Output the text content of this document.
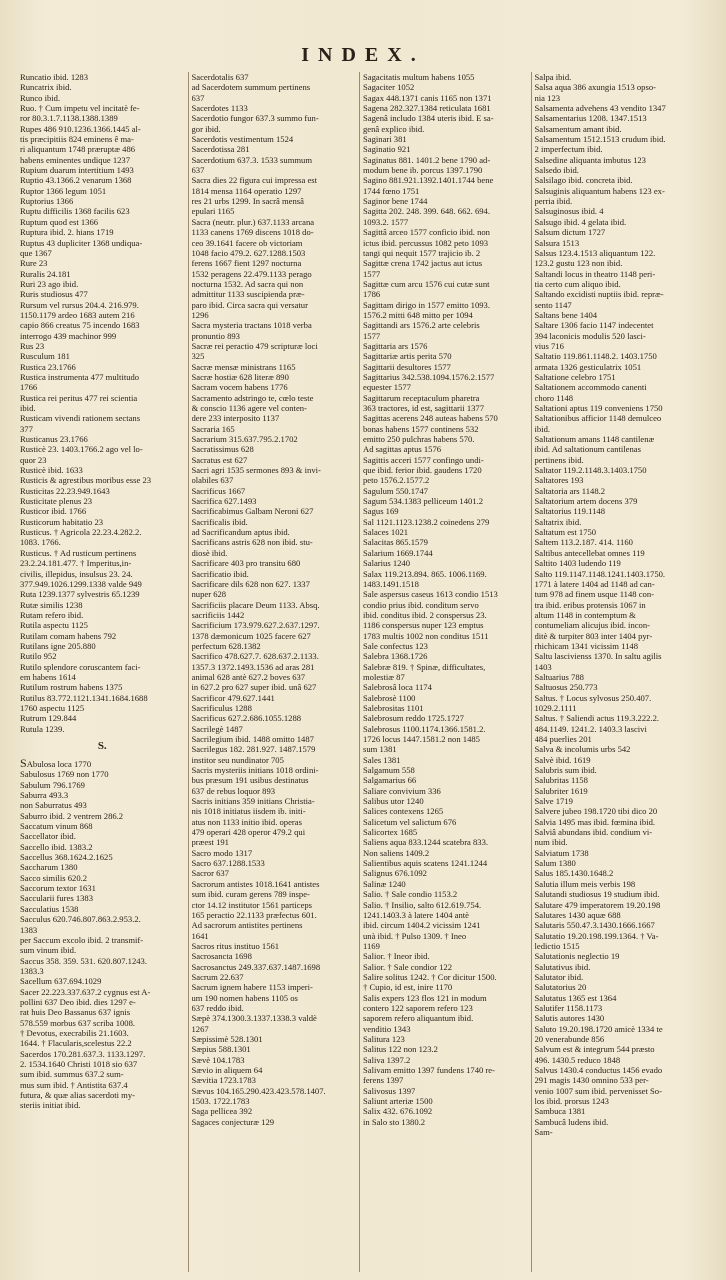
INDEX.
Runcatio ibid. 1283
Runcatrix ibid.
Runco ibid.
Ruo. † Cum impetu vel incitatè fe-
ror 80.3.1.7.1138.1388.1389
Rupes 486 910.1236.1366.1445 al-
tis præcipitiis 824 eminens ê ma-
ri aliquantum 1748 præruptæ 486
habens eminentes undique 1237
Rupium duarum intertitium 1493
Ruptio 43.1366.2 venarum 1368
Ruptor 1366 legum 1051
Ruptorius 1366
Ruptu difficilis 1368 facilis 623
Ruptum quod est 1366
Ruptura ibid. 2. hians 1719
Ruptus 43 dupliciter 1368 undiqua-
que 1367
Rure 23
Ruralis 24.181
Ruri 23 ago ibid.
Ruris studiosus 477
Rursum vel rursus 204.4. 216.979.
1150.1179 ardeo 1683 autem 216
capio 866 creatus 75 incendo 1683
interrogo 439 machinor 999
Rus 23
Rusculum 181
Rustica 23.1766
Rustica instrumenta 477 multitudo
1766
Rustica rei peritus 477 rei scientia
ibid.
Rusticam vivendi rationem sectans
377
Rusticanus 23.1766
Rusticè 23. 1403.1766.2 ago vel lo-
quor 23
Rusticè ibid. 1633
Rusticis & agrestibus moribus esse 23
Rusticitas 22.23.949.1643
Rusticitate plenus 23
Rusticor ibid. 1766
Rusticorum habitatio 23
Rusticus. † Agricola 22.23.4.282.2.
1083. 1766.
Rusticus. † Ad rusticum pertinens
23.2.24.181.477. † Imperitus,in-
civilis, illepidus, insulsus 23. 24.
377.949.1026.1299.1338 valde 949
Ruta 1239.1377 sylvestris 65.1239
Rutæ similis 1238
Rutam refero ibid.
Rutila aspectu 1125
Rutilam comam habens 792
Rutilans igne 205.880
Rutilo 952
Rutilo splendore coruscantem faci-
em habens 1614
Rutilum rostrum habens 1375
Rutilus 83.772.1121.1341.1684.1688
1760 aspectu 1125
Rutrum 129.844
Rutula 1239.
S.
SAbulosa loca 1770
Sabulosus 1769 non 1770
Sabulum 796.1769
Saburra 493.3
non Saburratus 493
Saburro ibid. 2 ventrem 286.2
Saccatum vinum 868
Saccellator ibid.
Saccello ibid. 1383.2
Saccellus 368.1624.2.1625
Saccharum 1380
Sacco similis 620.2
Saccorum textor 1631
Saccularii fures 1383
Sacculatius 1538
Sacculus 620.746.807.863.2.953.2.
1383
per Saccum excolo ibid. 2 transmif-
sum vinum ibid.
Saccus 358. 359. 531. 620.807.1243.
1383.3
Sacellum 637.694.1029
Sacer 22.223.337.637.2 cygnus est A-
pollini 637 Deo ibid. dies 1297 e-
rat huis Deo Bassanus 637 ignis
578.559 morbus 637 scriba 1008.
† Devotus, execrabilis 21.1603.
1644. † Flacularis,scelestus 22.2
Sacerdos 170.281.637.3. 1133.1297.
2. 1534.1640 Christi 1018 sio 637
sum ibid. summus 637.2 sum-
mus sum ibid. † Antistita 637.4
futura, & quæ alias sacerdoti my-
steriis initiat ibid.
Sacerdotalis 637
ad Sacerdotem summum pertinens
637
Sacerdotes 1133
Sacerdotio fungor 637.3 summo fun-
gor ibid.
Sacerdotis vestimentum 1524
Sacerdotissa 281
Sacerdotium 637.3. 1533 summum
637
Sacra dies 22 figura cui impressa est
1814 mensa 1164 operatio 1297
res 21 urbs 1299. In sacrâ mensâ
epulari 1165
Sacra (neutr. plur.) 637.1133 arcana
1133 canens 1769 discens 1018 do-
ceo 39.1641 facere ob victoriam
1048 facio 479.2. 627.1288.1503
ferens 1667 fient 1297 nocturna
1532 peragens 22.479.1133 perago
nocturna 1532. Ad sacra qui non
admittitur 1133 suscipienda præ-
paro ibid. Circa sacra qui versatur
1296
Sacra mysteria tractans 1018 verba
pronuntio 893
Sacræ rei peractio 479 scripturæ loci
325
Sacræ mensæ ministrans 1165
Sacræ hostiæ 628 literæ 890
Sacram vocem habens 1776
Sacramento adstringo te, cœlo teste
& conscio 1136 agere vel conten-
dere 233 interposito 1137
Sacraria 165
Sacrarium 315.637.795.2.1702
Sacratissimus 628
Sacratus est 627
Sacri agri 1535 sermones 893 & invi-
olabiles 637
Sacrificus 1667
Sacrifica 627.1493
Sacrificabimus Galbam Neroni 627
Sacrificalis ibid.
ad Sacrificandum aptus ibid.
Sacrificans astris 628 non ibid. stu-
diosè ibid.
Sacrificare 403 pro transitu 680
Sacrificatio ibid.
Sacrificare dils 628 non 627. 1337
nuper 628
Sacrificiis placare Deum 1133. Absq.
sacrificiis 1442
Sacrificium 173.979.627.2.637.1297.
1378 dæmonicum 1025 facere 627
perfectum 628.1382
Sacrifico 478.627.7. 628.637.2.1133.
1357.3 1372.1493.1536 ad aras 281
animal 628 antè 627.2 boves 637
in 627.2 pro 627 super ibid. unâ 627
Sacrificor 479.627.1441
Sacrificulus 1288
Sacrificus 627.2.686.1055.1288
Sacrilegè 1487
Sacrilegium ibid. 1488 omitto 1487
Sacrilegus 182. 281.927. 1487.1579
institor seu nundinator 705
Sacris mysteriis initians 1018 ordini-
bus præsum 191 usibus destinatus
637 de rebus loquor 893
Sacris initians 359 initians Christia-
nis 1018 initiatus iisdem ib. initi-
atus non 1133 initio ibid. operas
479 operari 428 operor 479.2 qui
præest 191
Sacro modo 1317
Sacro 637.1288.1533
Sacror 637
Sacrorum antistes 1018.1641 antistes
sum ibid. curam gerens 789 inspe-
ctor 14.12 institutor 1561 particeps
165 peractio 22.1133 præfectus 601.
Ad sacrorum antistites pertinens
1641
Sacros ritus instituo 1561
Sacrosancta 1698
Sacrosanctus 249.337.637.1487.1698
Sacrum 22.637
Sacrum ignem habere 1153 imperi-
um 190 nomen habens 1105 os
637 reddo ibid.
Sæpè 374.1300.3.1337.1338.3 valdè
1267
Sæpissimè 528.1301
Sæpius 588.1301
Sævè 104.1783
Sævio in aliquem 64
Sævitia 1723.1783
Sævus 104.165.290.423.423.578.1407.
1503. 1722.1783
Saga pellicea 392
Sagaces conjecturæ 129
Sagacitatis multum habens 1055
Sagaciter 1052
Sagax 448.1371 canis 1165 non 1371
Sagena 282.327.1384 reticulata 1681
Sagenâ includo 1384 uteris ibid. E sa-
genâ explico ibid.
Saginari 381
Saginatio 921
Saginatus 881. 1401.2 bene 1790 ad-
modum bene ib. porcus 1397.1790
Sagino 881.921.1392.1401.1744 bene
1744 fœno 1751
Saginor bene 1744
Sagitta 202. 248. 399. 648. 662. 694.
1093.2. 1577
Sagittâ arceo 1577 conficio ibid. non
ictus ibid. percussus 1082 peto 1093
tangi qui nequit 1577 trajicio ib. 2
Sagittæ crena 1742 jactus aut ictus
1577
Sagittæ cum arcu 1576 cui cutæ sunt
1786
Sagittam dirigo in 1577 emitto 1093.
1576.2 mitti 648 mitto per 1094
Sagittandi ars 1576.2 arte celebris
1577
Sagittaria ars 1576
Sagittariæ artis perita 570
Sagittarii desultores 1577
Sagittarius 342.538.1094.1576.2.1577
equester 1577
Sagittarum receptaculum pharetra
363 tractores, id est, sagittarii 1377
Sagittas acerens 248 auteas habens 570
bonas habens 1577 continens 532
emitto 250 pulchras habens 570.
Ad sagittas aptus 1576
Sagittis acceri 1577 confingo undi-
que ibid. ferior ibid. gaudens 1720
peto 1576.2.1577.2
Sagulum 550.1747
Sagum 534.1383 pelliceum 1401.2
Sagus 169
Sal 1121.1123.1238.2 coinedens 279
Salaces 1021
Salacitas 865.1579
Salarium 1669.1744
Salarius 1240
Salax 119.213.894. 865. 1006.1169.
1483.1491.1518
Sale aspersus caseus 1613 condio 1513
condio prius ibid. conditum servo
ibid. conditus ibid. 2 conspersus 23.
1186 conspersus nuper 123 emptus
1783 multis 1002 non conditus 1511
Sale confectus 123
Salebra 1368.1726
Salebræ 819. † Spinæ, difficultates,
molestiæ 87
Salebrosâ loca 1174
Salebrosè 1100
Salebrositas 1101
Salebrosum reddo 1725.1727
Salebrosus 1100.1174.1366.1581.2.
1726 locus 1447.1581.2 non 1485
sum 1381
Sales 1381
Salgamum 558
Salgamarius 66
Saliare convivium 336
Salibus utor 1240
Salices contexens 1265
Salicetum vel salictum 676
Salicortex 1685
Saliens aqua 833.1244 scatebra 833.
Non saliens 1409.2
Salientibus aquis scatens 1241.1244
Salignus 676.1092
Salinæ 1240
Salio. † Sale condio 1153.2
Salio. † Insilio, salto 612.619.754.
1241.1403.3 à latere 1404 antè
ibid. circum 1404.2 vicissim 1241
unà ibid. † Pulso 1309. † Ineo
1169
Salior. † Ineor ibid.
Salior. † Sale condior 122
Salire solitus 1242. † Cor dicitur 1500.
† Cupio, id est, inire 1170
Salis expers 123 flos 121 in modum
contero 122 saporem refero 123
saporem refero aliquantum ibid.
venditio 1343
Salitura 123
Salitus 122 non 123.2
Saliva 1397.2
Salivam emitto 1397 fundens 1740 re-
ferens 1397
Salivosus 1397
Saliunt arteriæ 1500
Salix 432. 676.1092
in Salo sto 1380.2
Salpa ibid.
Salsa aqua 386 axungia 1513 opso-
nia 123
Salsamenta advehens 43 vendito 1347
Salsamentarius 1208. 1347.1513
Salsamentum amant ibid.
Salsamentum 1512.1513 crudum ibid.
2 imperfectum ibid.
Salsedine aliquanta imbutus 123
Salsedo ibid.
Salsilago ibid. concreta ibid.
Salsuginis aliquantum habens 123 ex-
perria ibid.
Salsuginosus ibid. 4
Salsugo ibid. 4 gelata ibid.
Salsum dictum 1727
Salsura 1513
Salsus 123.4.1513 aliquantum 122.
123.2 gustu 123 non ibid.
Saltandi locus in theatro 1148 peri-
tia certo cum aliquo ibid.
Saltando excidisti nuptiis ibid. repræ-
sento 1147
Saltans bene 1404
Saltare 1306 facio 1147 indecentet
394 laconicis modulis 520 lasci-
vius 716
Saltatio 119.861.1148.2. 1403.1750
armata 1326 gesticulatrix 1051
Saltatione celebro 1751
Saltationem accommodo canenti
choro 1148
Saltationi aptus 119 conveniens 1750
Saltationibus afficior 1148 demulceo
ibid.
Saltationum amans 1148 cantilenæ
ibid. Ad saltationum cantilenas
pertinens ibid.
Saltator 119.2.1148.3.1403.1750
Saltatores 193
Saltatoria ars 1148.2
Saltatorium artem docens 379
Saltatorius 119.1148
Saltatrix ibid.
Saltatum est 1750
Saltem 113.2.187. 414. 1160
Saltibus antecellebat omnes 119
Saltito 1403 ludendo 119
Salto 119.1147.1148.1241.1403.1750.
1771 à latere 1404 ad 1148 ad can-
tum 978 ad finem usque 1148 con-
tra ibid. eribus protensis 1067 in
altum 1148 in contemptum &
contumeliam alicujus ibid. incon-
ditè & turpiter 803 inter 1404 pyr-
rhichicam 1341 vicissim 1148
Saltu lascivienss 1370. In saltu agilis
1403
Saltuarius 788
Saltuosus 250.773
Saltus. † Locus sylvosus 250.407.
1029.2.1111
Saltus. † Saliendi actus 119.3.222.2.
484.1149. 1241.2. 1403.3 lascivi
484 puerlies 201
Salva & incolumis urbs 542
Salvè ibid. 1619
Salubris sum ibid.
Salubritas 1158
Salubriter 1619
Salve 1719
Salvere jubeo 198.1720 tibi dico 20
Salvia 1495 mas ibid. fœmina ibid.
Salviâ abundans ibid. condium vi-
num ibid.
Salviatum 1738
Salum 1380
Salus 185.1430.1648.2
Salutia illum meis verbis 198
Salutandi studiosus 19 studium ibid.
Salutare 479 imperatorem 19.20.198
Salutares 1430 aquæ 688
Salutaris 550.47.3.1430.1666.1667
Salutatio 19.20.198.199.1364. † Va-
ledictio 1515
Salutationis neglectio 19
Salutativus ibid.
Salutator ibid.
Salutatorius 20
Salutatus 1365 est 1364
Salutifer 1158.1173
Salutis autores 1430
Saluto 19.20.198.1720 amicè 1334 te
20 venerabunde 856
Salvum est & integrum 544 præsto
496. 1430.5 reduco 1848
Salvus 1430.4 conductus 1456 evado
291 magis 1430 omnino 533 per-
venio 1007 sum ibid. pervenisset So-
los ibid. prorsus 1243
Sambuca 1381
Sambucâ ludens ibid.
Sam-
